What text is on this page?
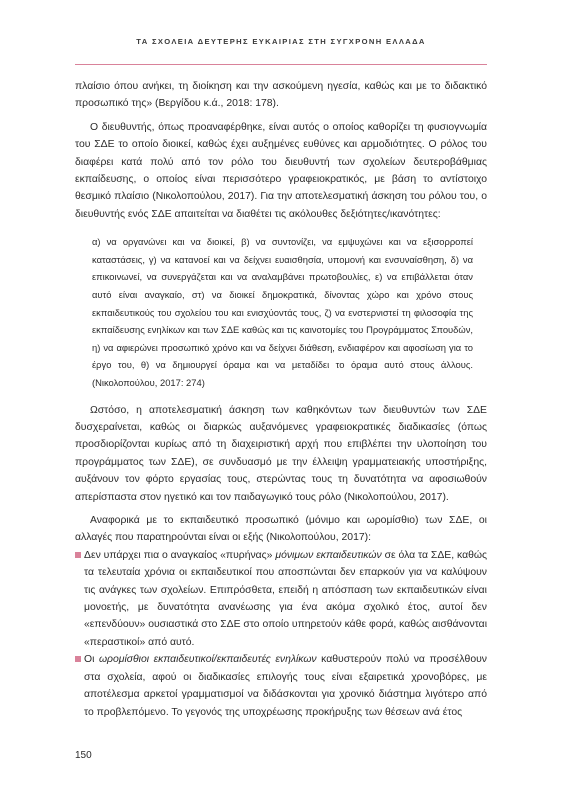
ΤΑ ΣΧΟΛΕΙΑ ΔΕΥΤΕΡΗΣ ΕΥΚΑΙΡΙΑΣ ΣΤΗ ΣΥΓΧΡΟΝΗ ΕΛΛΑΔΑ

πλαίσιο όπου ανήκει, τη διοίκηση και την ασκούμενη ηγεσία, καθώς και με το διδακτικό προσωπικό της» (Βεργίδου κ.ά., 2018: 178).

Ο διευθυντής, όπως προαναφέρθηκε, είναι αυτός ο οποίος καθορίζει τη φυσιογνωμία του ΣΔΕ το οποίο διοικεί, καθώς έχει αυξημένες ευθύνες και αρμοδιότητες. Ο ρόλος του διαφέρει κατά πολύ από τον ρόλο του διευθυντή των σχολείων δευτεροβάθμιας εκπαίδευσης, ο οποίος είναι περισσότερο γραφειοκρατικός, με βάση το αντίστοιχο θεσμικό πλαίσιο (Νικολοπούλου, 2017). Για την αποτελεσματική άσκηση του ρόλου του, ο διευθυντής ενός ΣΔΕ απαιτείται να διαθέτει τις ακόλουθες δεξιότητες/ικανότητες:

α) να οργανώνει και να διοικεί, β) να συντονίζει, να εμψυχώνει και να εξισορροπεί καταστάσεις, γ) να κατανοεί και να δείχνει ευαισθησία, υπομονή και ενσυναίσθηση, δ) να επικοινωνεί, να συνεργάζεται και να αναλαμβάνει πρωτοβουλίες, ε) να επιβάλλεται όταν αυτό είναι αναγκαίο, στ) να διοικεί δημοκρατικά, δίνοντας χώρο και χρόνο στους εκπαιδευτικούς του σχολείου του και ενισχύοντάς τους, ζ) να ενστερνιστεί τη φιλοσοφία της εκπαίδευσης ενηλίκων και των ΣΔΕ καθώς και τις καινοτομίες του Προγράμματος Σπουδών, η) να αφιερώνει προσωπικό χρόνο και να δείχνει διάθεση, ενδιαφέρον και αφοσίωση για το έργο του, θ) να δημιουργεί όραμα και να μεταδίδει το όραμα αυτό στους άλλους. (Νικολοπούλου, 2017: 274)

Ωστόσο, η αποτελεσματική άσκηση των καθηκόντων των διευθυντών των ΣΔΕ δυσχεραίνεται, καθώς οι διαρκώς αυξανόμενες γραφειοκρατικές διαδικασίες (όπως προσδιορίζονται κυρίως από τη διαχειριστική αρχή που επιβλέπει την υλοποίηση του προγράμματος των ΣΔΕ), σε συνδυασμό με την έλλειψη γραμματειακής υποστήριξης, αυξάνουν τον φόρτο εργασίας τους, στερώντας τους τη δυνατότητα να αφοσιωθούν απερίσπαστα στον ηγετικό και τον παιδαγωγικό τους ρόλο (Νικολοπούλου, 2017).

Αναφορικά με το εκπαιδευτικό προσωπικό (μόνιμο και ωρομίσθιο) των ΣΔΕ, οι αλλαγές που παρατηρούνται είναι οι εξής (Νικολοπούλου, 2017):

Δεν υπάρχει πια ο αναγκαίος «πυρήνας» μόνιμων εκπαιδευτικών σε όλα τα ΣΔΕ, καθώς τα τελευταία χρόνια οι εκπαιδευτικοί που αποσπώνται δεν επαρκούν για να καλύψουν τις ανάγκες των σχολείων. Επιπρόσθετα, επειδή η απόσπαση των εκπαιδευτικών είναι μονοετής, με δυνατότητα ανανέωσης για ένα ακόμα σχολικό έτος, αυτοί δεν «επενδύουν» ουσιαστικά στο ΣΔΕ στο οποίο υπηρετούν κάθε φορά, καθώς αισθάνονται «περαστικοί» από αυτό.

Οι ωρομίσθιοι εκπαιδευτικοί/εκπαιδευτές ενηλίκων καθυστερούν πολύ να προσέλθουν στα σχολεία, αφού οι διαδικασίες επιλογής τους είναι εξαιρετικά χρονοβόρες, με αποτέλεσμα αρκετοί γραμματισμοί να διδάσκονται για χρονικό διάστημα λιγότερο από το προβλεπόμενο. Το γεγονός της υποχρέωσης προκήρυξης των θέσεων ανά έτος

150
